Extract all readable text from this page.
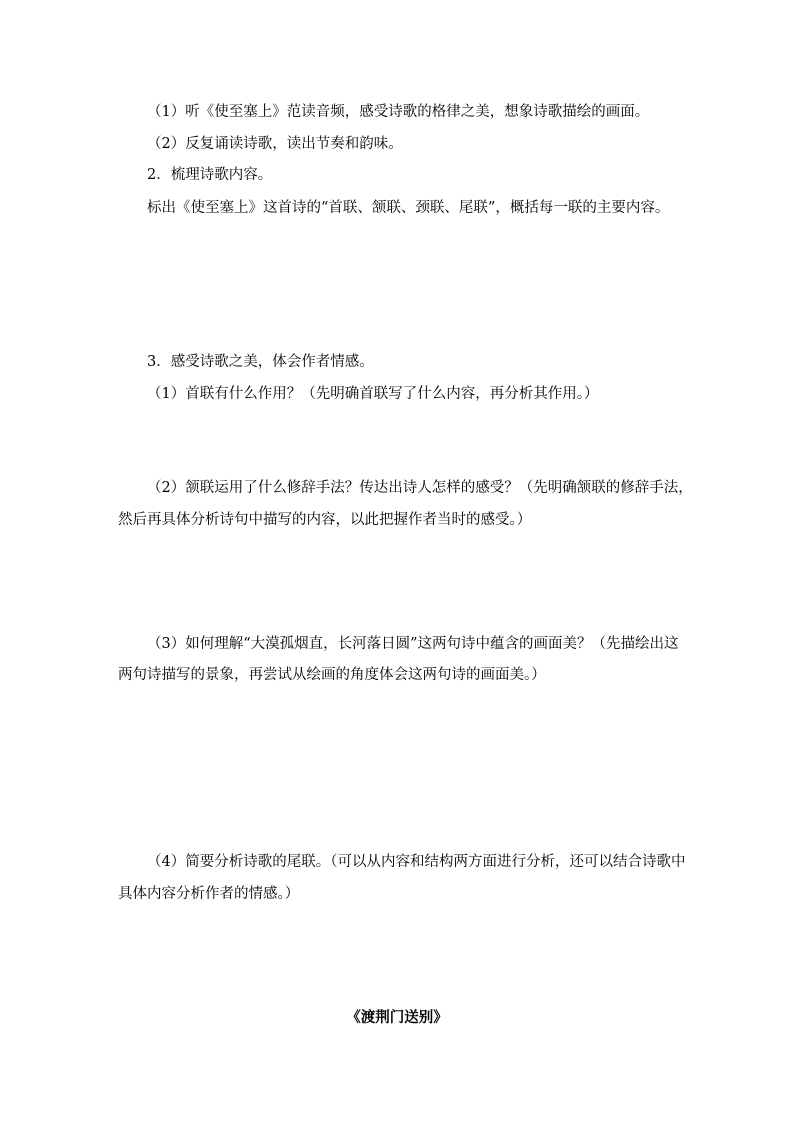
（1）听《使至塞上》范读音频，感受诗歌的格律之美，想象诗歌描绘的画面。
（2）反复诵读诗歌，读出节奏和韵味。
2．梳理诗歌内容。
标出《使至塞上》这首诗的“首联、颔联、颈联、尾联”，概括每一联的主要内容。
3．感受诗歌之美，体会作者情感。
（1）首联有什么作用？（先明确首联写了什么内容，再分析其作用。）
（2）颔联运用了什么修辞手法？传达出诗人怎样的感受？（先明确颔联的修辞手法，
然后再具体分析诗句中描写的内容，以此把握作者当时的感受。）
（3）如何理解“大漠孤烟直，长河落日圆”这两句诗中蕴含的画面美？（先描绘出这
两句诗描写的景象，再尝试从绘画的角度体会这两句诗的画面美。）
（4）简要分析诗歌的尾联。（可以从内容和结构两方面进行分析，还可以结合诗歌中
具体内容分析作者的情感。）
《渡荆门送别》
